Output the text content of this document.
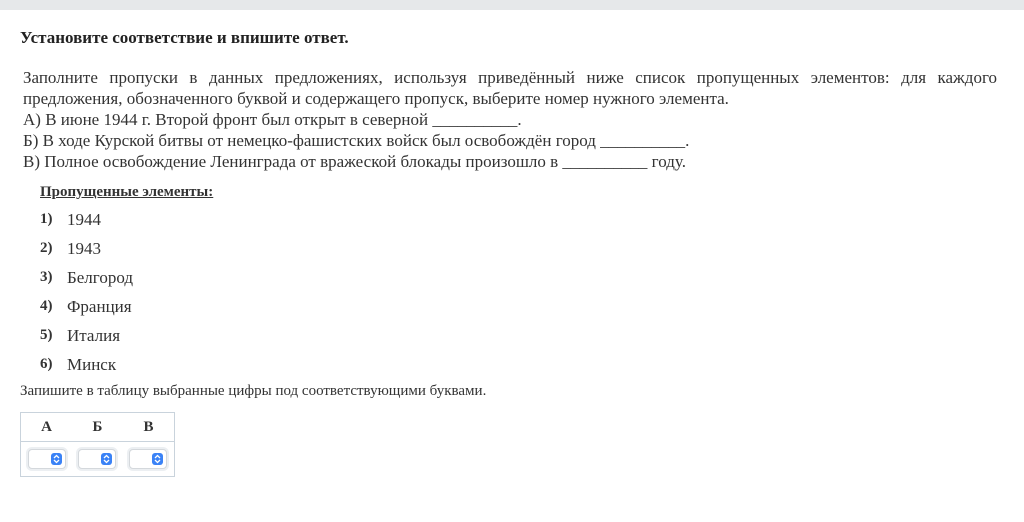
Установите соответствие и впишите ответ.

Заполните пропуски в данных предложениях, используя приведённый ниже список пропущенных элементов: для каждого предложения, обозначенного буквой и содержащего пропуск, выберите номер нужного элемента.

А) В июне 1944 г. Второй фронт был открыт в северной __________.

Б) В ходе Курской битвы от немецко-фашистских войск был освобождён город __________.

В) Полное освобождение Ленинграда от вражеской блокады произошло в __________ году.

Пропущенные элементы:
1) 1944
2) 1943
3) Белгород
4) Франция
5) Италия
6) Минск

Запишите в таблицу выбранные цифры под соответствующими буквами.

А	Б	В
